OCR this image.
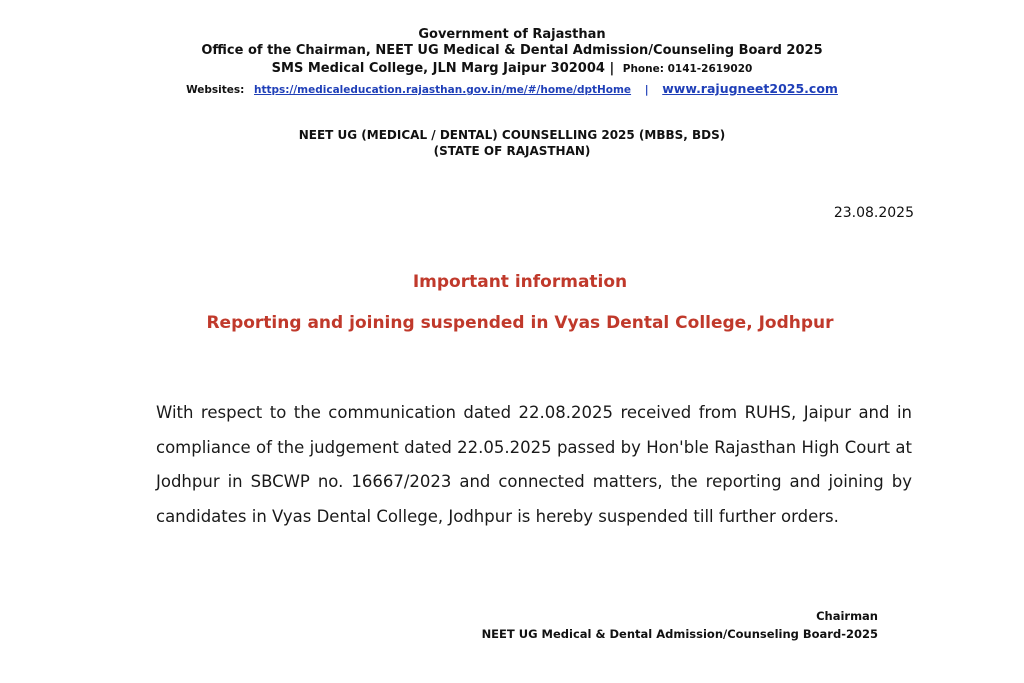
Government of Rajasthan
Office of the Chairman, NEET UG Medical & Dental Admission/Counseling Board 2025
SMS Medical College, JLN Marg Jaipur 302004 | Phone: 0141-2619020
Websites: https://medicaleducation.rajasthan.gov.in/me/#/home/dptHome | www.rajugneet2025.com
NEET UG (MEDICAL / DENTAL) COUNSELLING 2025 (MBBS, BDS)
(STATE OF RAJASTHAN)
23.08.2025
Important information
Reporting and joining suspended in Vyas Dental College, Jodhpur
With respect to the communication dated 22.08.2025 received from RUHS, Jaipur and in compliance of the judgement dated 22.05.2025 passed by Hon'ble Rajasthan High Court at Jodhpur in SBCWP no. 16667/2023 and connected matters, the reporting and joining by candidates in Vyas Dental College, Jodhpur is hereby suspended till further orders.
Chairman
NEET UG Medical & Dental Admission/Counseling Board-2025
